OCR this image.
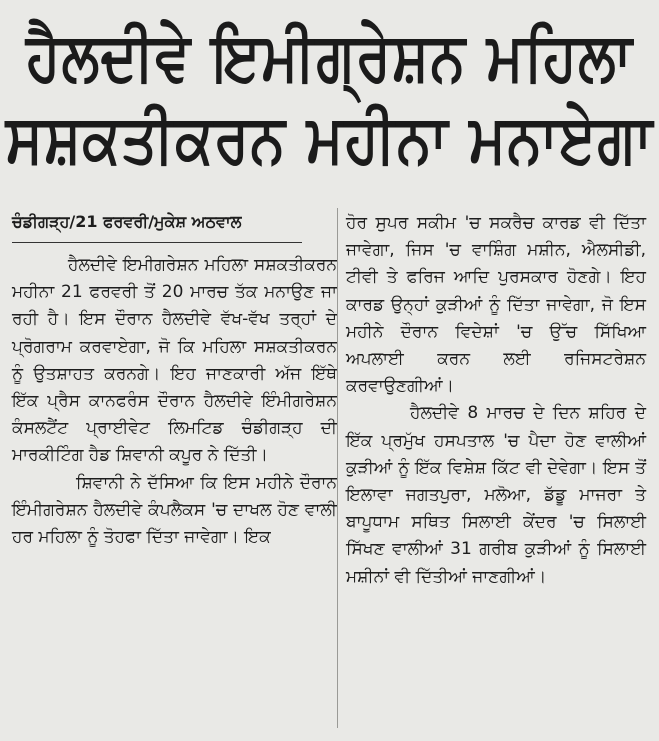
ਹੈਲਦੀਵੇ ਇਮੀਗ੍ਰੇਸ਼ਨ ਮਹਿਲਾ
ਸਸ਼ਕਤੀਕਰਨ ਮਹੀਨਾ ਮਨਾਏਗਾ
ਚੰਡੀਗੜ੍ਹ/21 ਫਰਵਰੀ/ਮੁਕੇਸ਼ ਅਠਵਾਲ

ਹੈਲਦੀਵੇ ਇਮੀਗਰੇਸ਼ਨ ਮਹਿਲਾ ਸਸ਼ਕਤੀਕਰਨ ਮਹੀਨਾ 21 ਫਰਵਰੀ ਤੋਂ 20 ਮਾਰਚ ਤੱਕ ਮਨਾਉਣ ਜਾ ਰਹੀ ਹੈ। ਇਸ ਦੌਰਾਨ ਹੈਲਦੀਵੇ ਵੱਖ-ਵੱਖ ਤਰ੍ਹਾਂ ਦੇ ਪ੍ਰੋਗਰਾਮ ਕਰਵਾਏਗਾ, ਜੋ ਕਿ ਮਹਿਲਾ ਸਸ਼ਕਤੀਕਰਨ ਨੂੰ ਉਤਸ਼ਾਹਤ ਕਰਨਗੇ। ਇਹ ਜਾਣਕਾਰੀ ਅੱਜ ਇੱਥੇ ਇੱਕ ਪ੍ਰੈਸ ਕਾਨਫਰੰਸ ਦੌਰਾਨ ਹੈਲਦੀਵੇ ਇੰਮੀਗਰੇਸ਼ਨ ਕੰਸਲਟੈਂਟ ਪ੍ਰਾਈਵੇਟ ਲਿਮਟਿਡ ਚੰਡੀਗੜ੍ਹ ਦੀ ਮਾਰਕੀਟਿੰਗ ਹੈਡ ਸ਼ਿਵਾਨੀ ਕਪੂਰ ਨੇ ਦਿੱਤੀ।

ਸ਼ਿਵਾਨੀ ਨੇ ਦੱਸਿਆ ਕਿ ਇਸ ਮਹੀਨੇ ਦੌਰਾਨ ਇੰਮੀਗਰੇਸ਼ਨ ਹੈਲਦੀਵੇ ਕੰਪਲੈਕਸ 'ਚ ਦਾਖਲ ਹੋਣ ਵਾਲੀ ਹਰ ਮਹਿਲਾ ਨੂੰ ਤੋਹਫਾ ਦਿੱਤਾ ਜਾਵੇਗਾ। ਇਕ

ਹੋਰ ਸੁਪਰ ਸਕੀਮ 'ਚ ਸਕਰੈਚ ਕਾਰਡ ਵੀ ਦਿੱਤਾ ਜਾਵੇਗਾ, ਜਿਸ 'ਚ ਵਾਸ਼ਿੰਗ ਮਸ਼ੀਨ, ਐਲਸੀਡੀ, ਟੀਵੀ ਤੇ ਫਰਿਜ ਆਦਿ ਪੁਰਸਕਾਰ ਹੋਣਗੇ। ਇਹ ਕਾਰਡ ਉਨ੍ਹਾਂ ਕੁੜੀਆਂ ਨੂੰ ਦਿੱਤਾ ਜਾਵੇਗਾ, ਜੋ ਇਸ ਮਹੀਨੇ ਦੌਰਾਨ ਵਿਦੇਸ਼ਾਂ 'ਚ ਉੱਚ ਸਿੱਖਿਆ ਅਪਲਾਈ ਕਰਨ ਲਈ ਰਜਿਸਟਰੇਸ਼ਨ ਕਰਵਾਉਣਗੀਆਂ।

ਹੈਲਦੀਵੇ 8 ਮਾਰਚ ਦੇ ਦਿਨ ਸ਼ਹਿਰ ਦੇ ਇੱਕ ਪ੍ਰਮੁੱਖ ਹਸਪਤਾਲ 'ਚ ਪੈਦਾ ਹੋਣ ਵਾਲੀਆਂ ਕੁੜੀਆਂ ਨੂੰ ਇੱਕ ਵਿਸ਼ੇਸ਼ ਕਿੱਟ ਵੀ ਦੇਵੇਗਾ। ਇਸ ਤੋਂ ਇਲਾਵਾ ਜਗਤਪੁਰਾ, ਮਲੋਆ, ਡੱਡੂ ਮਾਜਰਾ ਤੇ ਬਾਪੂਧਾਮ ਸਥਿਤ ਸਿਲਾਈ ਕੇਂਦਰ 'ਚ ਸਿਲਾਈ ਸਿੱਖਣ ਵਾਲੀਆਂ 31 ਗਰੀਬ ਕੁੜੀਆਂ ਨੂੰ ਸਿਲਾਈ ਮਸ਼ੀਨਾਂ ਵੀ ਦਿੱਤੀਆਂ ਜਾਣਗੀਆਂ।
